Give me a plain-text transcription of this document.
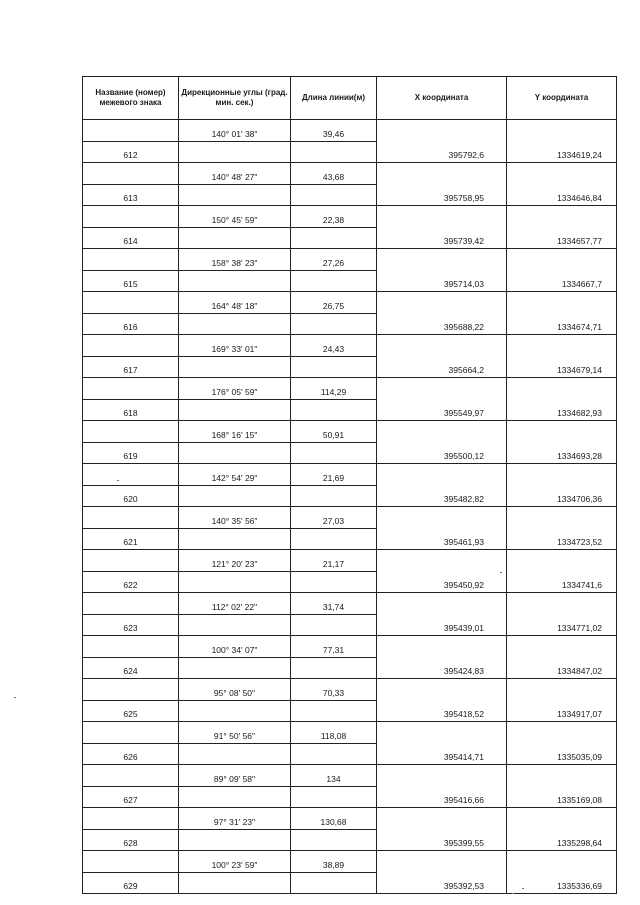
Название (номер) межевого знака	Дирекционные углы (град. мин. сек.)	Длина линии(м)	X координата	Y координата
	140° 01' 38"	39,46		
612			395792,6	1334619,24
	140° 48' 27"	43,68		
613			395758,95	1334646,84
	150° 45' 59"	22,38		
614			395739,42	1334657,77
	158° 38' 23"	27,26		
615			395714,03	1334667,7
	164° 48' 18"	26,75		
616			395688,22	1334674,71
	169° 33' 01"	24,43		
617			395664,2	1334679,14
	176° 05' 59"	114,29		
618			395549,97	1334682,93
	168° 16' 15"	50,91		
619			395500,12	1334693,28
	142° 54' 29"	21,69		
620			395482,82	1334706,36
	140° 35' 56"	27,03		
621			395461,93	1334723,52
	121° 20' 23"	21,17		
622			395450,92	1334741,6
	112° 02' 22"	31,74		
623			395439,01	1334771,02
	100° 34' 07"	77,31		
624			395424,83	1334847,02
	95° 08' 50"	70,33		
625			395418,52	1334917,07
	91° 50' 56"	118,08		
626			395414,71	1335035,09
	89° 09' 58"	134		
627			395416,66	1335169,08
	97° 31' 23"	130,68		
628			395399,55	1335298,64
	100° 23' 59"	38,89		
629			395392,53	1335336,69
